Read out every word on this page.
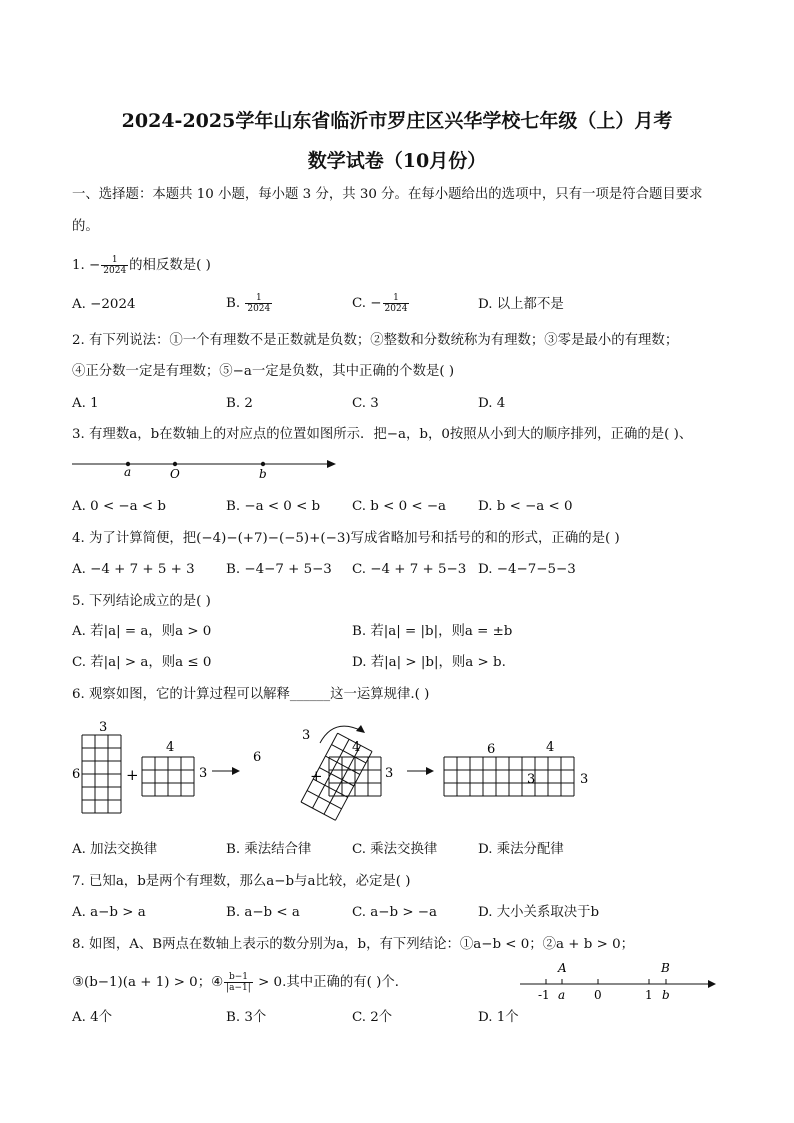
2024-2025学年山东省临沂市罗庄区兴华学校七年级（上）月考
数学试卷（10月份）
一、选择题：本题共 10 小题，每小题 3 分，共 30 分。在每小题给出的选项中，只有一项是符合题目要求
的。
1. − $\frac{1}{2024}$ 的相反数是( )
A. −2024	B. $\frac{1}{2024}$	C. − $\frac{1}{2024}$	D. 以上都不是
2. 有下列说法：①一个有理数不是正数就是负数；②整数和分数统称为有理数；③零是最小的有理数；
④正分数一定是有理数；⑤−a一定是负数，其中正确的个数是( )
A. 1	B. 2	C. 3	D. 4
3. 有理数a，b在数轴上的对应点的位置如图所示．把−a，b，0按照从小到大的顺序排列，正确的是( )、
a	O	b
A. 0 < −a < b	B. −a < 0 < b C. b < 0 < −a D. b < −a < 0
4. 为了计算简便，把(−4)−(+7)−(−5)+(−3)写成省略加号和括号的和的形式，正确的是( )
A. −4 + 7 + 5 + 3 B. −4−7 + 5−3 C. −4 + 7 + 5−3 D. −4−7−5−3
5. 下列结论成立的是( )
A. 若|a| = a，则a > 0	B. 若|a| = |b|，则a = ±b
C. 若|a| > a，则a ≤ 0	D. 若|a| > |b|，则a > b.
6. 观察如图，它的计算过程可以解释______这一运算规律.( )
3
6	+
4
3
6
3
+
4
3
6	4
3	3
A. 加法交换律	B. 乘法结合律	C. 乘法交换律	D. 乘法分配律
7. 已知a，b是两个有理数，那么a−b与a比较，必定是( )
A. a−b > a	B. a−b < a	C. a−b > −a	D. 大小关系取决于b
8. 如图，A、B两点在数轴上表示的数分别为a，b，有下列结论：①a−b < 0；②a + b > 0；
③(b−1)(a + 1) > 0；④ $\frac{b-1}{|a-1|} > 0$.其中正确的有( )个．
A	B
-1 a 0	1 b
A. 4个	B. 3个	C. 2个	D. 1个
